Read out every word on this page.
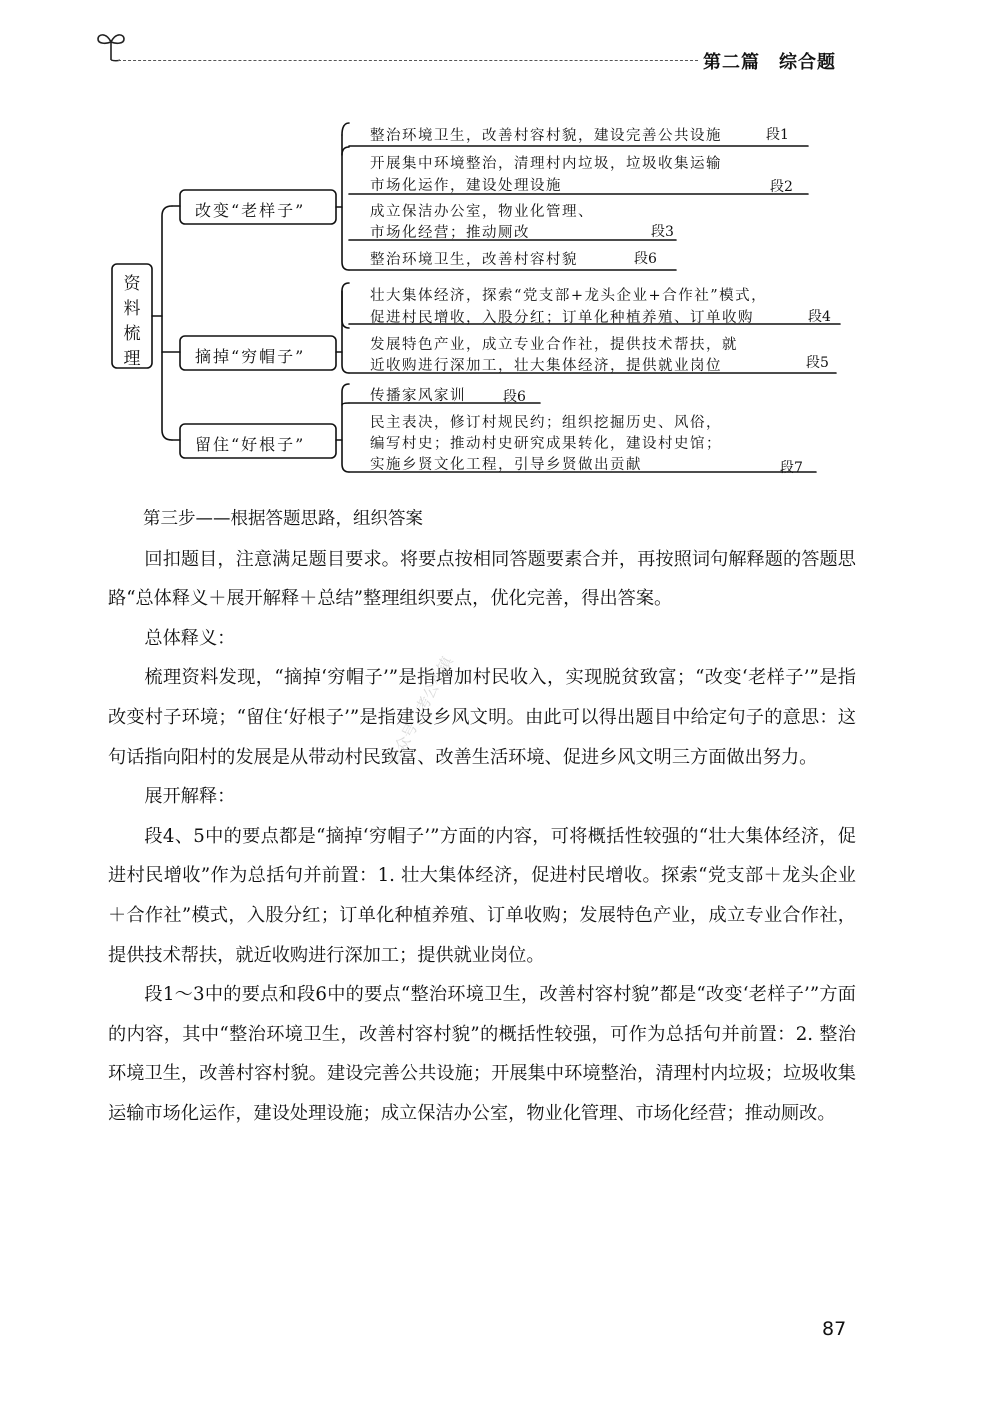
第二篇　综合题
资料梳理
改变“老样子”
摘掉“穷帽子”
留住“好根子”
整治环境卫生，改善村容村貌，建设完善公共设施	段1
开展集中环境整治，清理村内垃圾，垃圾收集运输
市场化运作，建设处理设施	段2
成立保洁办公室，物业化管理、
市场化经营；推动厕改	段3
整治环境卫生，改善村容村貌	段6
壮大集体经济，探索“党支部+龙头企业+合作社”模式，
促进村民增收，入股分红；订单化种植养殖、订单收购	段4
发展特色产业，成立专业合作社，提供技术帮扶，就
近收购进行深加工，壮大集体经济，提供就业岗位	段5
传播家风家训	段6
民主表决，修订村规民约；组织挖掘历史、风俗，
编写村史；推动村史研究成果转化，建设村史馆；
实施乡贤文化工程，引导乡贤做出贡献	段7

第三步——根据答题思路，组织答案

回扣题目，注意满足题目要求。将要点按相同答题要素合并，再按照词句解释题的答题思路“总体释义＋展开解释＋总结”整理组织要点，优化完善，得出答案。

总体释义：

梳理资料发现，“摘掉‘穷帽子’”是指增加村民收入，实现脱贫致富；“改变‘老样子’”是指改变村子环境；“留住‘好根子’”是指建设乡风文明。由此可以得出题目中给定句子的意思：这句话指向阳村的发展是从带动村民致富、改善生活环境、促进乡风文明三方面做出努力。

展开解释：

段4、5中的要点都是“摘掉‘穷帽子’”方面的内容，可将概括性较强的“壮大集体经济，促进村民增收”作为总括句并前置：1. 壮大集体经济，促进村民增收。探索“党支部＋龙头企业＋合作社”模式，入股分红；订单化种植养殖、订单收购；发展特色产业，成立专业合作社，提供技术帮扶，就近收购进行深加工；提供就业岗位。

段1～3中的要点和段6中的要点“整治环境卫生，改善村容村貌”都是“改变‘老样子’”方面的内容，其中“整治环境卫生，改善村容村貌”的概括性较强，可作为总括句并前置：2. 整治环境卫生，改善村容村貌。建设完善公共设施；开展集中环境整治，清理村内垃圾；垃圾收集运输市场化运作，建设处理设施；成立保洁办公室，物业化管理、市场化经营；推动厕改。

公众号：考公小镇
87
